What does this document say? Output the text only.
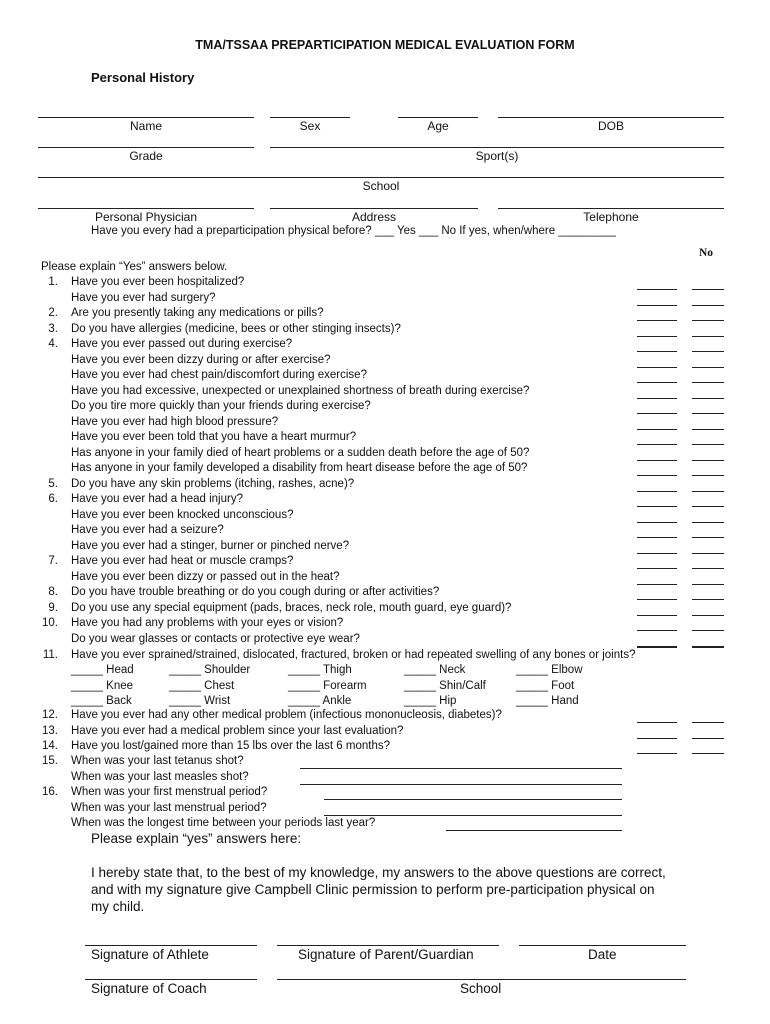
TMA/TSSAA PREPARTICIPATION MEDICAL EVALUATION FORM
Personal History
Name	Sex	Age	DOB
Grade	Sport(s)
School
Personal Physician	Address	Telephone
Have you every had a preparticipation physical before? ___ Yes ___ No If yes, when/where _________
No
Please explain “Yes” answers below.
1. Have you ever been hospitalized?
Have you ever had surgery?
2. Are you presently taking any medications or pills?
3. Do you have allergies (medicine, bees or other stinging insects)?
4. Have you ever passed out during exercise?
Have you ever been dizzy during or after exercise?
Have you ever had chest pain/discomfort during exercise?
Have you had excessive, unexpected or unexplained shortness of breath during exercise?
Do you tire more quickly than your friends during exercise?
Have you ever had high blood pressure?
Have you ever been told that you have a heart murmur?
Has anyone in your family died of heart problems or a sudden death before the age of 50?
Has anyone in your family developed a disability from heart disease before the age of 50?
5. Do you have any skin problems (itching, rashes, acne)?
6. Have you ever had a head injury?
Have you ever been knocked unconscious?
Have you ever had a seizure?
Have you ever had a stinger, burner or pinched nerve?
7. Have you ever had heat or muscle cramps?
Have you ever been dizzy or passed out in the heat?
8. Do you have trouble breathing or do you cough during or after activities?
9. Do you use any special equipment (pads, braces, neck role, mouth guard, eye guard)?
10. Have you had any problems with your eyes or vision?
Do you wear glasses or contacts or protective eye wear?
11. Have you ever sprained/strained, dislocated, fractured, broken or had repeated swelling of any bones or joints?
_____ Head	_____ Shoulder	_____ Thigh	_____ Neck	_____ Elbow
_____ Knee	_____ Chest	_____ Forearm	_____ Shin/Calf	_____ Foot
_____ Back	_____ Wrist	_____ Ankle	_____ Hip	_____ Hand
12. Have you ever had any other medical problem (infectious mononucleosis, diabetes)?
13. Have you ever had a medical problem since your last evaluation?
14. Have you lost/gained more than 15 lbs over the last 6 months?
15. When was your last tetanus shot?
When was your last measles shot?
16. When was your first menstrual period?
When was your last menstrual period?
When was the longest time between your periods last year?
Please explain “yes” answers here:
I hereby state that, to the best of my knowledge, my answers to the above questions are correct, and with my signature give Campbell Clinic permission to perform pre-participation physical on my child.
Signature of Athlete	Signature of Parent/Guardian	Date
Signature of Coach	School
